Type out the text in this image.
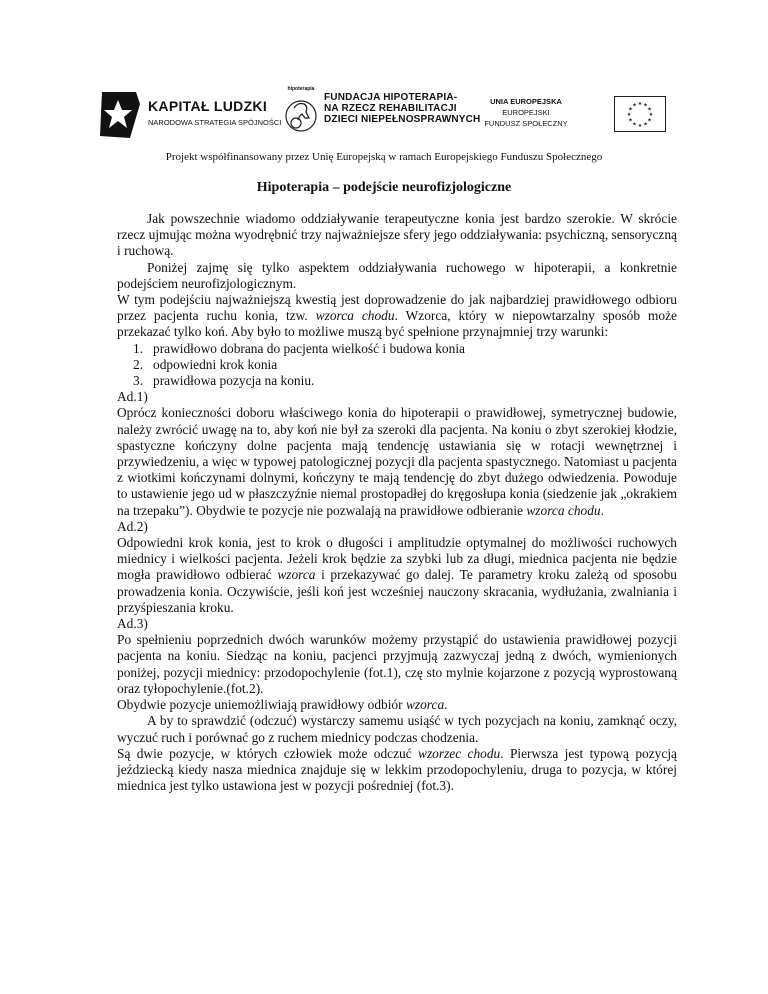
KAPITAŁ LUDZKI
NARODOWA STRATEGIA SPÓJNOŚCI
hipoterapia
FUNDACJA HIPOTERAPIA-
NA RZECZ REHABILITACJI
DZIECI NIEPEŁNOSPRAWNYCH
UNIA EUROPEJSKA
EUROPEJSKI
FUNDUSZ SPOŁECZNY
★ ★
★
★
★
★
★
★
★
★
★
★
Projekt współfinansowany przez Unię Europejską w ramach Europejskiego Funduszu Społecznego
Hipoterapia – podejście neurofizjologiczne

Jak powszechnie wiadomo oddziaływanie terapeutyczne konia jest bardzo szerokie. W skrócie rzecz ujmując można wyodrębnić trzy najważniejsze sfery jego oddziaływania: psychiczną, sensoryczną i ruchową.

Poniżej zajmę się tylko aspektem oddziaływania ruchowego w hipoterapii, a konkretnie podejściem neurofizjologicznym.

W tym podejściu najważniejszą kwestią jest doprowadzenie do jak najbardziej prawidłowego odbioru przez pacjenta ruchu konia, tzw. wzorca chodu. Wzorca, który w niepowtarzalny sposób może przekazać tylko koń. Aby było to możliwe muszą być spełnione przynajmniej trzy warunki:

1. prawidłowo dobrana do pacjenta wielkość i budowa konia

2. odpowiedni krok konia

3. prawidłowa pozycja na koniu.

Ad.1)

Oprócz konieczności doboru właściwego konia do hipoterapii o prawidłowej, symetrycznej budowie, należy zwrócić uwagę na to, aby koń nie był za szeroki dla pacjenta. Na koniu o zbyt szerokiej kłodzie, spastyczne kończyny dolne pacjenta mają tendencję ustawiania się w rotacji wewnętrznej i przywiedzeniu, a więc w typowej patologicznej pozycji dla pacjenta spastycznego. Natomiast u pacjenta z wiotkimi kończynami dolnymi, kończyny te mają tendencję do zbyt dużego odwiedzenia. Powoduje to ustawienie jego ud w płaszczyźnie niemal prostopadłej do kręgosłupa konia (siedzenie jak „okrakiem na trzepaku”). Obydwie te pozycje nie pozwalają na prawidłowe odbieranie wzorca chodu.

Ad.2)

Odpowiedni krok konia, jest to krok o długości i amplitudzie optymalnej do możliwości ruchowych miednicy i wielkości pacjenta. Jeżeli krok będzie za szybki lub za długi, miednica pacjenta nie będzie mogła prawidłowo odbierać wzorca i przekazywać go dalej. Te parametry kroku zależą od sposobu prowadzenia konia. Oczywiście, jeśli koń jest wcześniej nauczony skracania, wydłużania, zwalniania i przyśpieszania kroku.

Ad.3)

Po spełnieniu poprzednich dwóch warunków możemy przystąpić do ustawienia prawidłowej pozycji pacjenta na koniu. Siedząc na koniu, pacjenci przyjmują zazwyczaj jedną z dwóch, wymienionych poniżej, pozycji miednicy: przodopochylenie (fot.1), czę sto mylnie kojarzone z pozycją wyprostowaną oraz tyłopochylenie.(fot.2).

Obydwie pozycje uniemożliwiają prawidłowy odbiór wzorca.

A by to sprawdzić (odczuć) wystarczy samemu usiąść w tych pozycjach na koniu, zamknąć oczy, wyczuć ruch i porównać go z ruchem miednicy podczas chodzenia.

Są dwie pozycje, w których człowiek może odczuć wzorzec chodu. Pierwsza jest typową pozycją jeździecką kiedy nasza miednica znajduje się w lekkim przodopochyleniu, druga to pozycja, w której miednica jest tylko ustawiona jest w pozycji pośredniej (fot.3).
